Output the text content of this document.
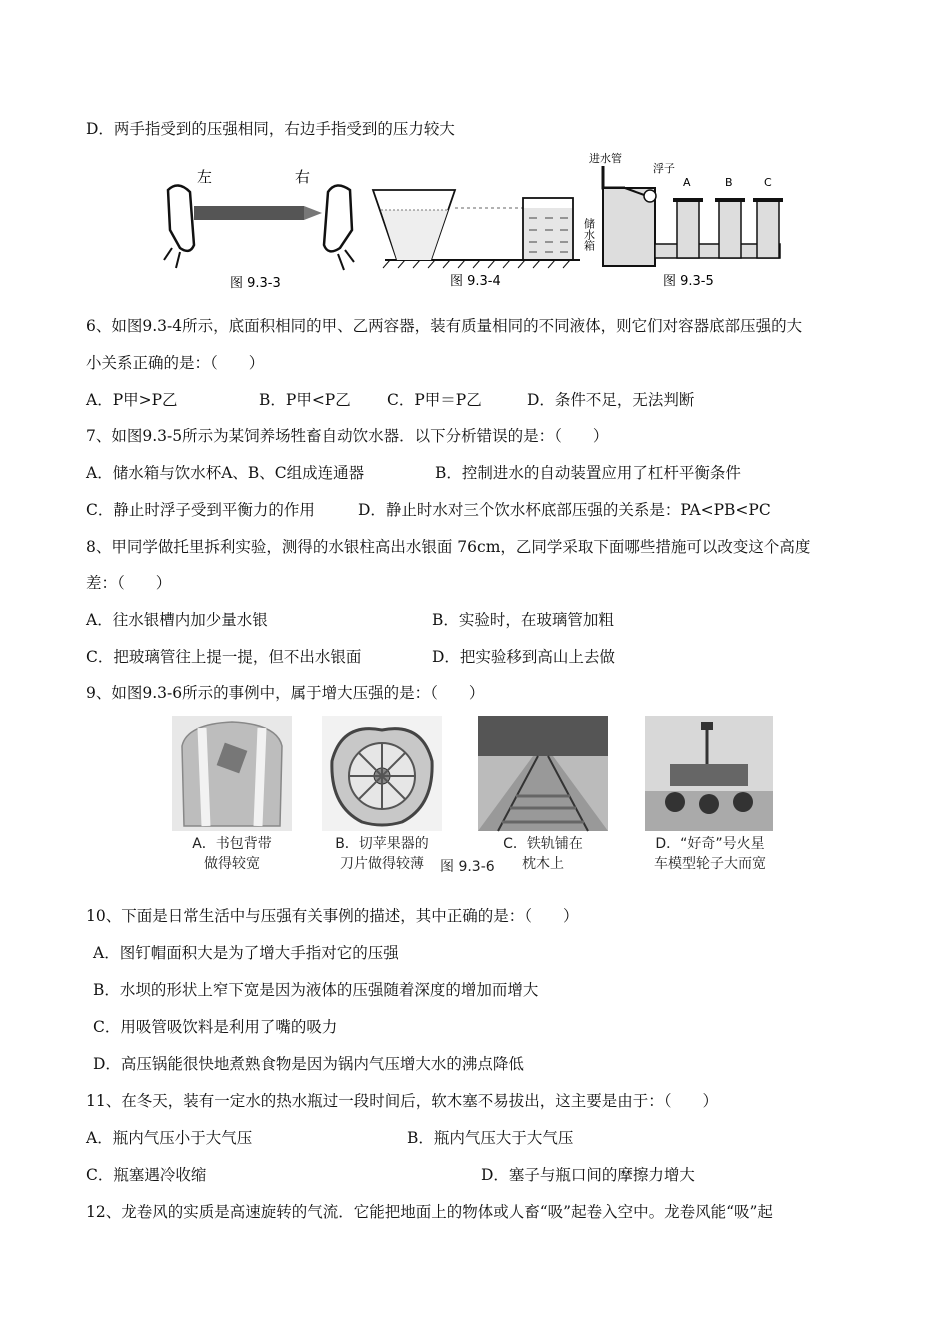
D．两手指受到的压强相同，右边手指受到的压力较大
左	右
图 9.3-3	图 9.3-4
进水管
浮子
A	B	C
储水箱
图 9.3-5
6、如图9.3-4所示，底面积相同的甲、乙两容器，装有质量相同的不同液体，则它们对容器底部压强的大
小关系正确的是：（　　）
A．P甲>P乙	B．P甲<P乙 C．P甲＝P乙	D．条件不足，无法判断
7、如图9.3-5所示为某饲养场牲畜自动饮水器．以下分析错误的是：（　　）
A．储水箱与饮水杯A、B、C组成连通器	B．控制进水的自动装置应用了杠杆平衡条件
C．静止时浮子受到平衡力的作用	D．静止时水对三个饮水杯底部压强的关系是：PA<PB<PC
8、甲同学做托里拆利实验，测得的水银柱高出水银面 76cm，乙同学采取下面哪些措施可以改变这个高度
差：（　　）
A．往水银槽内加少量水银	B．实验时，在玻璃管加粗
C．把玻璃管往上提一提，但不出水银面	D．把实验移到高山上去做
9、如图9.3-6所示的事例中，属于增大压强的是：（　　）
A．书包背带
做得较宽
B．切苹果器的
刀片做得较薄	图 9.3-6
C．铁轨铺在
枕木上
D．“好奇”号火星
车模型轮子大而宽
10、下面是日常生活中与压强有关事例的描述，其中正确的是：（　　）
A．图钉帽面积大是为了增大手指对它的压强
B．水坝的形状上窄下宽是因为液体的压强随着深度的增加而增大
C．用吸管吸饮料是利用了嘴的吸力
D．高压锅能很快地煮熟食物是因为锅内气压增大水的沸点降低
11、在冬天，装有一定水的热水瓶过一段时间后，软木塞不易拔出，这主要是由于：（　　）
A．瓶内气压小于大气压	B．瓶内气压大于大气压
C．瓶塞遇冷收缩	D．塞子与瓶口间的摩擦力增大
12、龙卷风的实质是高速旋转的气流．它能把地面上的物体或人畜“吸”起卷入空中。龙卷风能“吸”起
